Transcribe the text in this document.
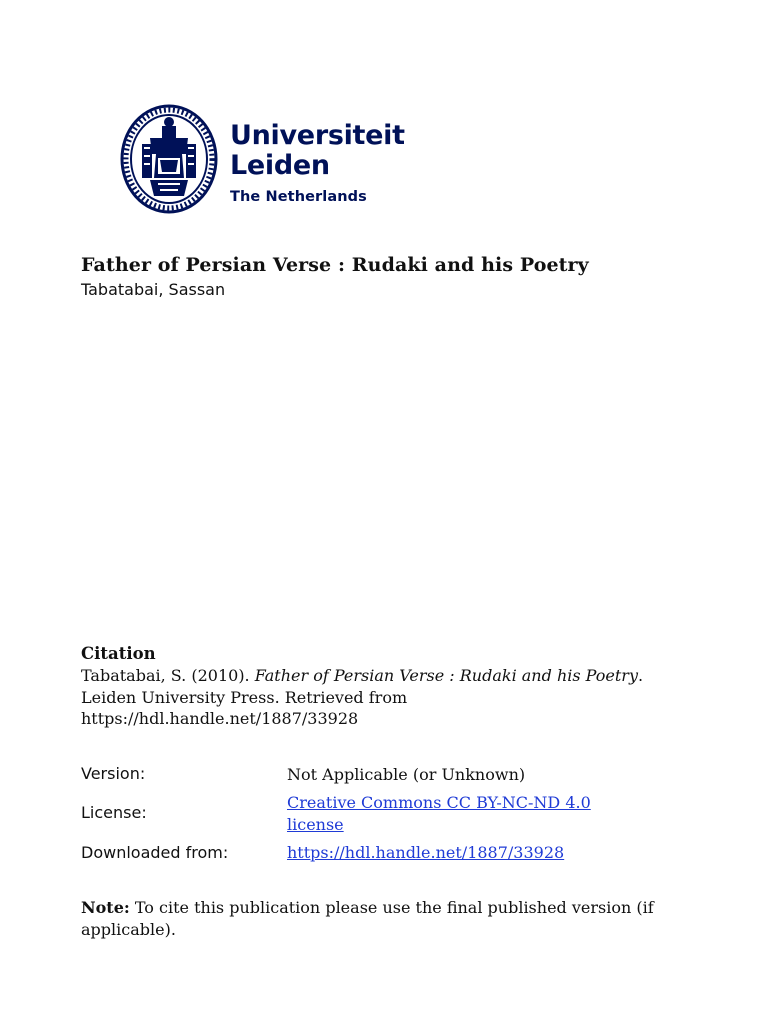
Universiteit
Leiden
The Netherlands
Father of Persian Verse : Rudaki and his Poetry
Tabatabai, Sassan
Citation
Tabatabai, S. (2010). Father of Persian Verse : Rudaki and his Poetry. Leiden University Press. Retrieved from https://hdl.handle.net/1887/33928
Version:	Not Applicable (or Unknown)
License:
Creative Commons CC BY-NC-ND 4.0 license
Downloaded from:	https://hdl.handle.net/1887/33928
Note: To cite this publication please use the final published version (if applicable).
